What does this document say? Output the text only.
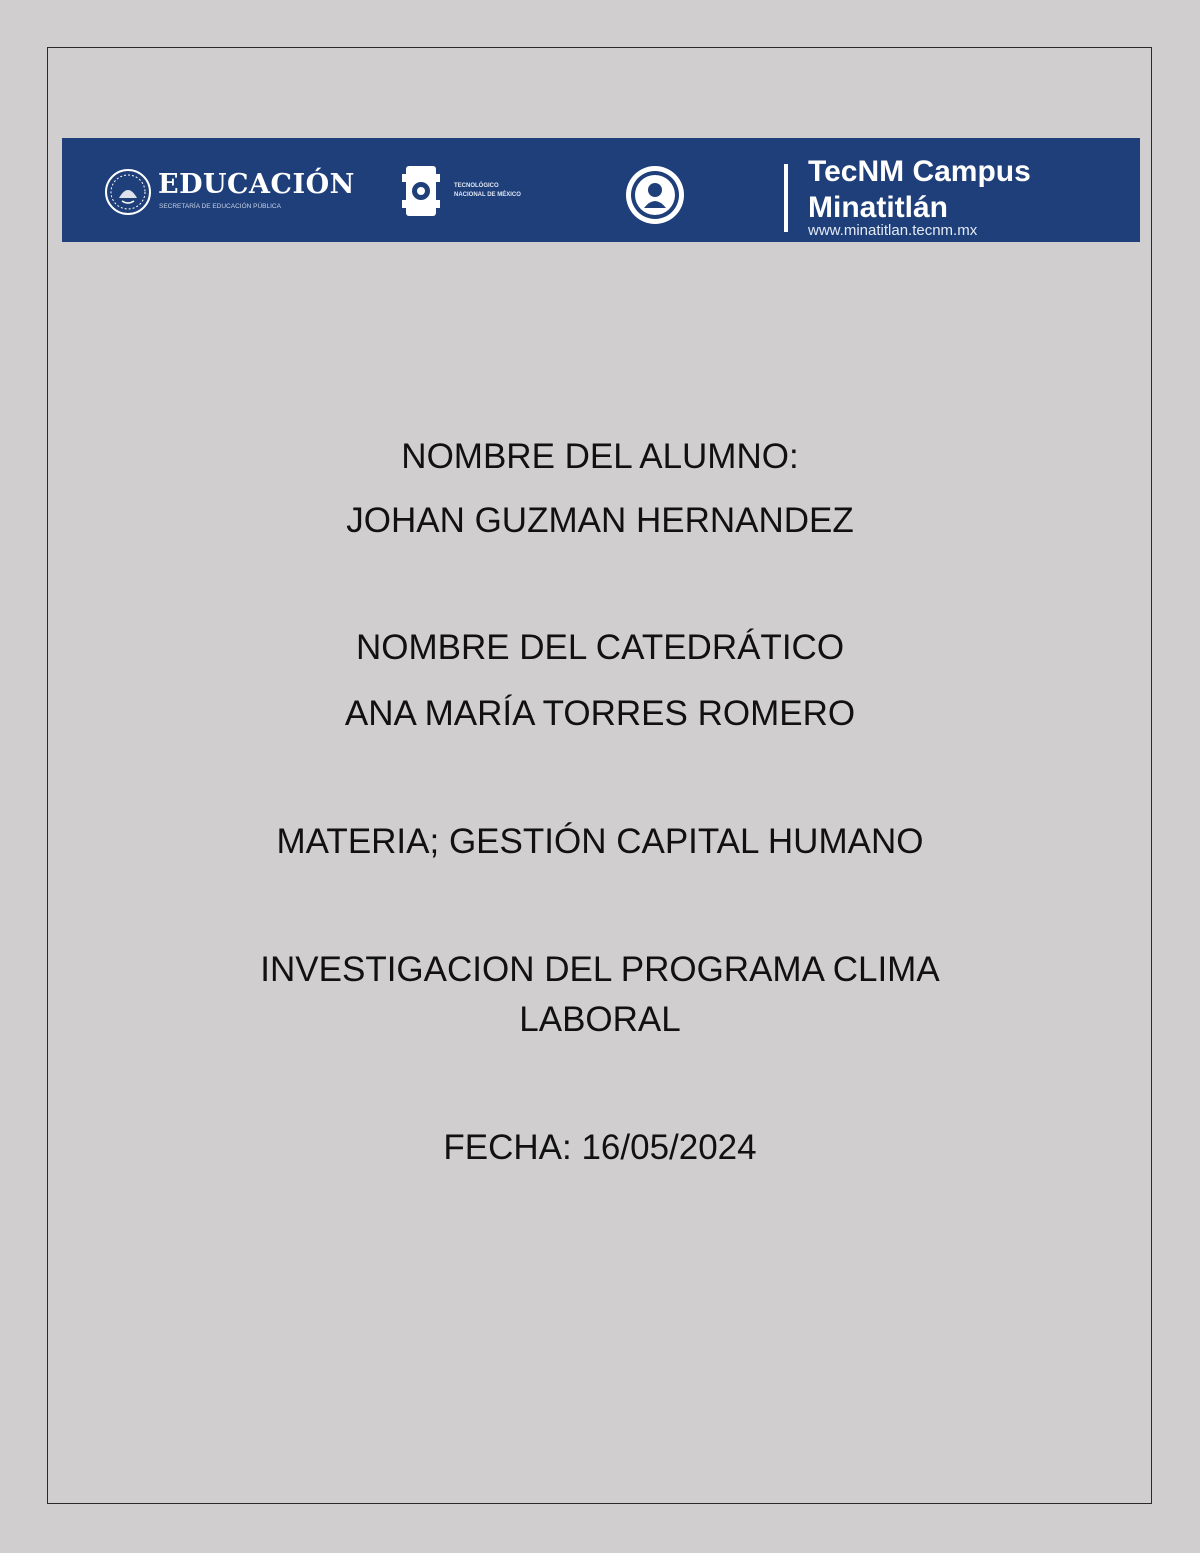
EDUCACIÓN
SECRETARÍA DE EDUCACIÓN PÚBLICA
TECNOLÓGICO
NACIONAL DE MÉXICO
TecNM Campus
Minatitlán
www.minatitlan.tecnm.mx
NOMBRE DEL ALUMNO:
JOHAN GUZMAN HERNANDEZ
NOMBRE DEL CATEDRÁTICO
ANA MARÍA TORRES ROMERO
MATERIA; GESTIÓN CAPITAL HUMANO
INVESTIGACION DEL PROGRAMA CLIMA
LABORAL
FECHA: 16/05/2024
